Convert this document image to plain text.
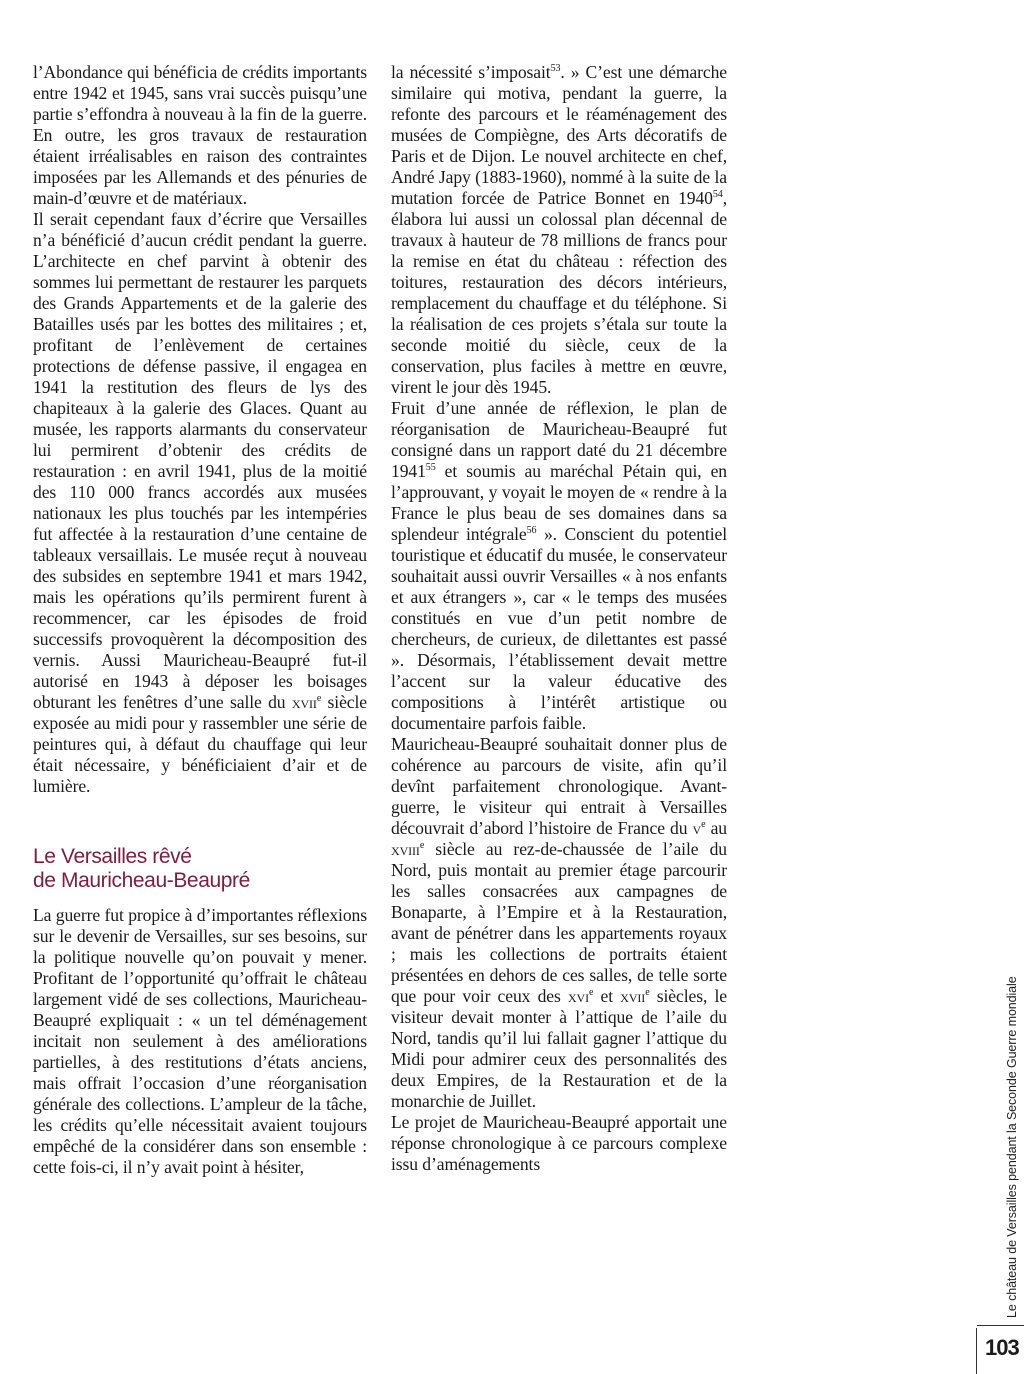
l’Abondance qui bénéficia de crédits importants entre 1942 et 1945, sans vrai succès puisqu’une partie s’effondra à nouveau à la fin de la guerre. En outre, les gros travaux de restauration étaient irréalisables en raison des contraintes imposées par les Allemands et des pénuries de main-d’œuvre et de matériaux.

Il serait cependant faux d’écrire que Versailles n’a bénéficié d’aucun crédit pendant la guerre. L’architecte en chef parvint à obtenir des sommes lui permettant de restaurer les parquets des Grands Appartements et de la galerie des Batailles usés par les bottes des militaires ; et, profitant de l’enlèvement de certaines protections de défense passive, il engagea en 1941 la restitution des fleurs de lys des chapiteaux à la galerie des Glaces. Quant au musée, les rapports alarmants du conservateur lui permirent d’obtenir des crédits de restauration : en avril 1941, plus de la moitié des 110 000 francs accordés aux musées nationaux les plus touchés par les intempéries fut affectée à la restauration d’une centaine de tableaux versaillais. Le musée reçut à nouveau des subsides en septembre 1941 et mars 1942, mais les opérations qu’ils permirent furent à recommencer, car les épisodes de froid successifs provoquèrent la décomposition des vernis. Aussi Mauricheau-Beaupré fut-il autorisé en 1943 à déposer les boisages obturant les fenêtres d’une salle du xvii$^e$ siècle exposée au midi pour y rassembler une série de peintures qui, à défaut du chauffage qui leur était nécessaire, y bénéficiaient d’air et de lumière.

Le Versailles rêvé
de Mauricheau-Beaupré

La guerre fut propice à d’importantes réflexions sur le devenir de Versailles, sur ses besoins, sur la politique nouvelle qu’on pouvait y mener. Profitant de l’opportunité qu’offrait le château largement vidé de ses collections, Mauricheau-Beaupré expliquait : « un tel déménagement incitait non seulement à des améliorations partielles, à des restitutions d’états anciens, mais offrait l’occasion d’une réorganisation générale des collections. L’ampleur de la tâche, les crédits qu’elle nécessitait avaient toujours empêché de la considérer dans son ensemble : cette fois-ci, il n’y avait point à hésiter,

la nécessité s’imposait$^{53}$. » C’est une démarche similaire qui motiva, pendant la guerre, la refonte des parcours et le réaménagement des musées de Compiègne, des Arts décoratifs de Paris et de Dijon. Le nouvel architecte en chef, André Japy (1883-1960), nommé à la suite de la mutation forcée de Patrice Bonnet en 1940$^{54}$, élabora lui aussi un colossal plan décennal de travaux à hauteur de 78 millions de francs pour la remise en état du château : réfection des toitures, restauration des décors intérieurs, remplacement du chauffage et du téléphone. Si la réalisation de ces projets s’étala sur toute la seconde moitié du siècle, ceux de la conservation, plus faciles à mettre en œuvre, virent le jour dès 1945.

Fruit d’une année de réflexion, le plan de réorganisation de Mauricheau-Beaupré fut consigné dans un rapport daté du 21 décembre 1941$^{55}$ et soumis au maréchal Pétain qui, en l’approuvant, y voyait le moyen de « rendre à la France le plus beau de ses domaines dans sa splendeur intégrale$^{56}$ ». Conscient du potentiel touristique et éducatif du musée, le conservateur souhaitait aussi ouvrir Versailles « à nos enfants et aux étrangers », car « le temps des musées constitués en vue d’un petit nombre de chercheurs, de curieux, de dilettantes est passé ». Désormais, l’établissement devait mettre l’accent sur la valeur éducative des compositions à l’intérêt artistique ou documentaire parfois faible.

Mauricheau-Beaupré souhaitait donner plus de cohérence au parcours de visite, afin qu’il devînt parfaitement chronologique. Avant-guerre, le visiteur qui entrait à Versailles découvrait d’abord l’histoire de France du $v^e$ au xviii$^e$ siècle au rez-de-chaussée de l’aile du Nord, puis montait au premier étage parcourir les salles consacrées aux campagnes de Bonaparte, à l’Empire et à la Restauration, avant de pénétrer dans les appartements royaux ; mais les collections de portraits étaient présentées en dehors de ces salles, de telle sorte que pour voir ceux des xvi$^e$ et xvii$^e$ siècles, le visiteur devait monter à l’attique de l’aile du Nord, tandis qu’il lui fallait gagner l’attique du Midi pour admirer ceux des personnalités des deux Empires, de la Restauration et de la monarchie de Juillet.

Le projet de Mauricheau-Beaupré apportait une réponse chronologique à ce parcours complexe issu d’aménagements	Le château de Versailles pendant la Seconde Guerre mondiale
103
